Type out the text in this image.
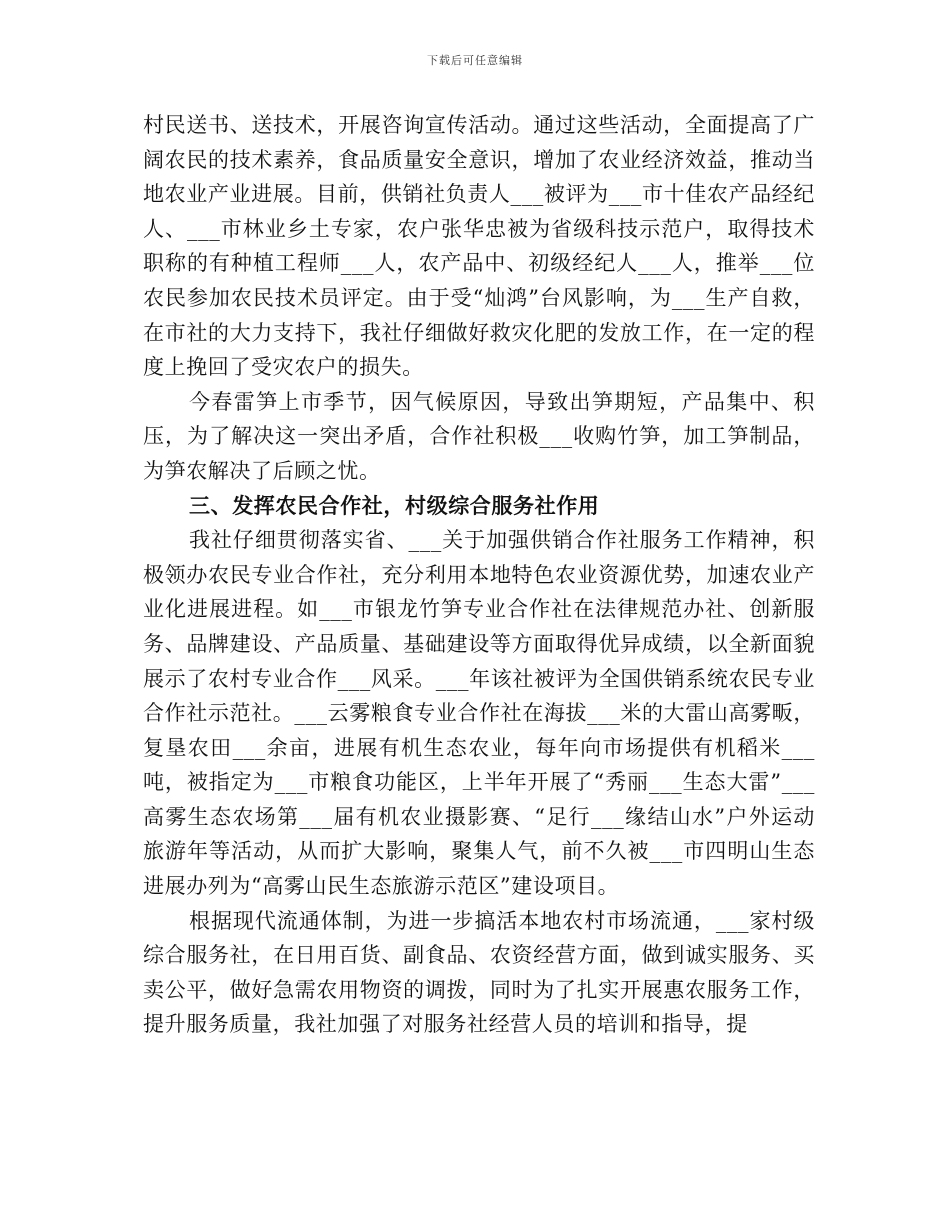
下载后可任意编辑

村民送书、送技术，开展咨询宣传活动。通过这些活动，全面提高了广阔农民的技术素养，食品质量安全意识，增加了农业经济效益，推动当地农业产业进展。目前，供销社负责人___被评为___市十佳农产品经纪人、___市林业乡土专家，农户张华忠被为省级科技示范户，取得技术职称的有种植工程师___人，农产品中、初级经纪人___人，推举___位农民参加农民技术员评定。由于受“灿鸿”台风影响，为___生产自救，在市社的大力支持下，我社仔细做好救灾化肥的发放工作，在一定的程度上挽回了受灾农户的损失。

今春雷笋上市季节，因气候原因，导致出笋期短，产品集中、积压，为了解决这一突出矛盾，合作社积极___收购竹笋，加工笋制品，为笋农解决了后顾之忧。

三、发挥农民合作社，村级综合服务社作用

我社仔细贯彻落实省、___关于加强供销合作社服务工作精神，积极领办农民专业合作社，充分利用本地特色农业资源优势，加速农业产业化进展进程。如___市银龙竹笋专业合作社在法律规范办社、创新服务、品牌建设、产品质量、基础建设等方面取得优异成绩，以全新面貌展示了农村专业合作___风采。___年该社被评为全国供销系统农民专业合作社示范社。___云雾粮食专业合作社在海拔___米的大雷山高雾畈，复垦农田___余亩，进展有机生态农业，每年向市场提供有机稻米___吨，被指定为___市粮食功能区，上半年开展了“秀丽___生态大雷”___高雾生态农场第___届有机农业摄影赛、“足行___缘结山水”户外运动旅游年等活动，从而扩大影响，聚集人气，前不久被___市四明山生态进展办列为“高雾山民生态旅游示范区”建设项目。

根据现代流通体制，为进一步搞活本地农村市场流通，___家村级综合服务社，在日用百货、副食品、农资经营方面，做到诚实服务、买卖公平，做好急需农用物资的调拨，同时为了扎实开展惠农服务工作，提升服务质量，我社加强了对服务社经营人员的培训和指导，提
